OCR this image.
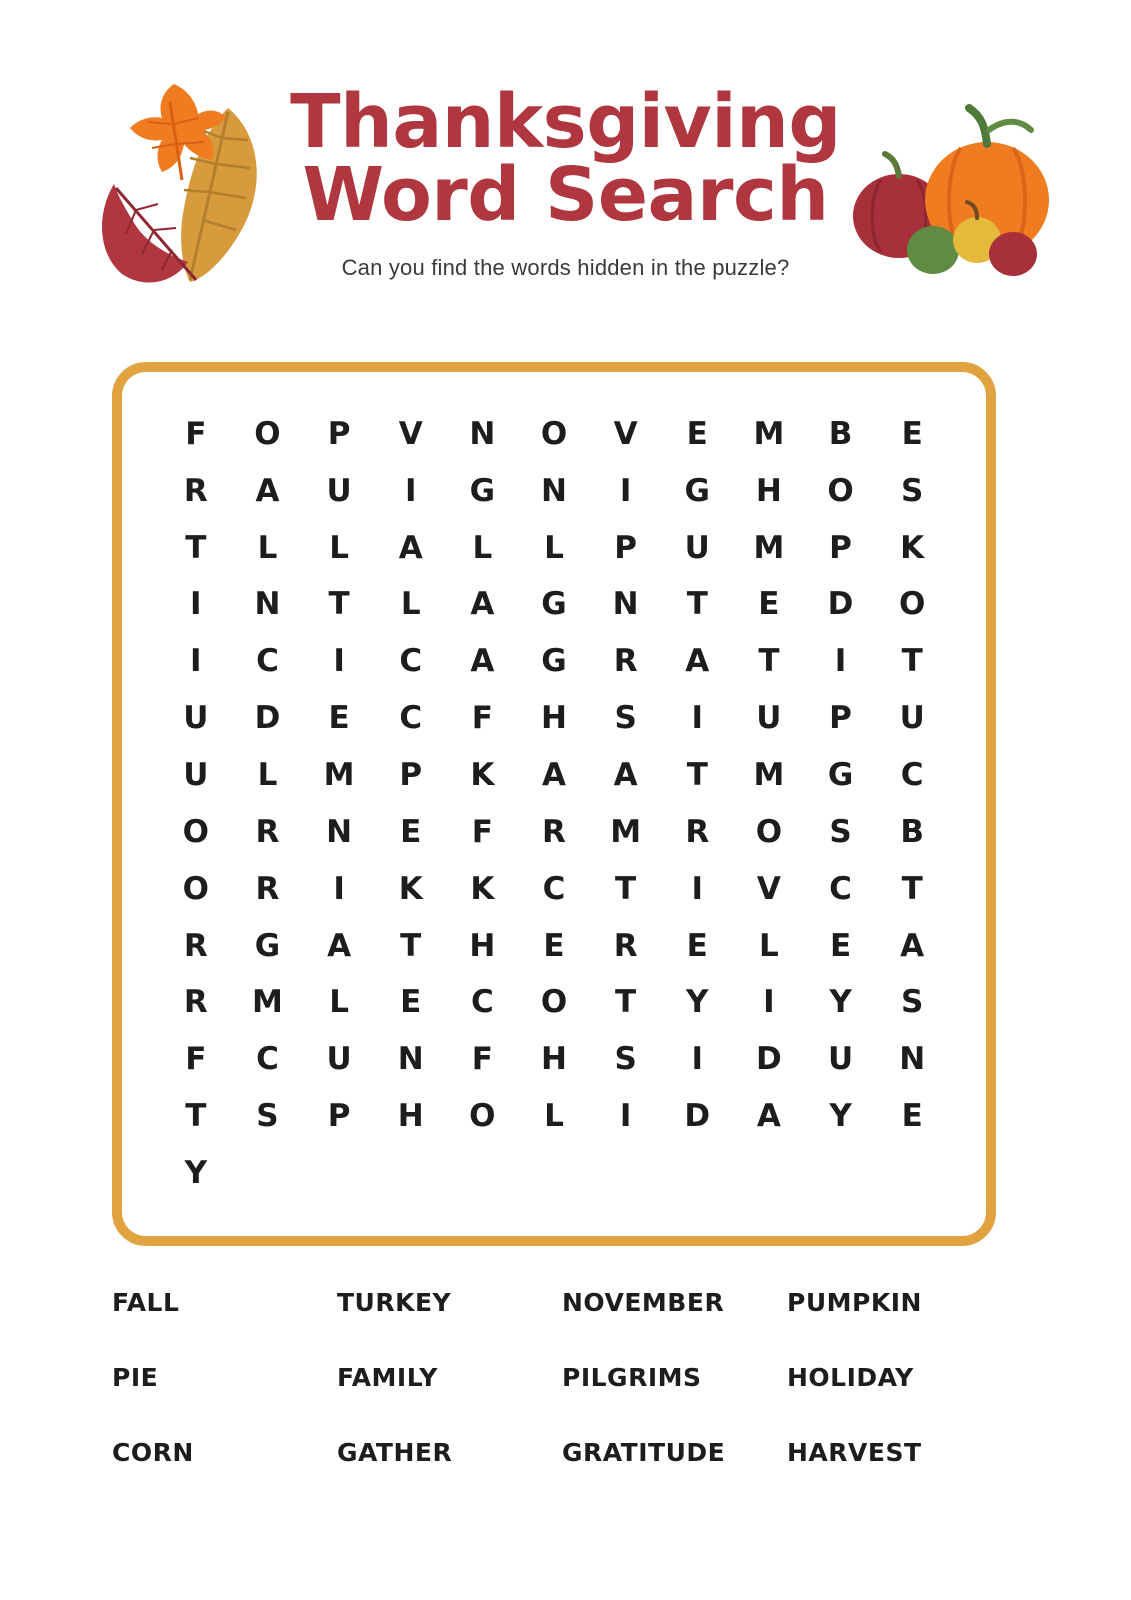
Thanksgiving
Word Search
Can you find the words hidden in the puzzle?
F O P V N O V E M B E
R A U I G N I G H O S
T L L A L L P U M P K
I N T L A G N T E D O
I C I C A G R A T I T
U D E C F H S I U P U
U L M P K A A T M G C
O R N E F R M R O S B
O R I K K C T I V C T
R G A T H E R E L E A
R M L E C O T Y I Y S
F C U N F H S I D U N
T S P H O L I D A Y E
Y
FALL	TURKEY	NOVEMBER	PUMPKIN
PIE	FAMILY	PILGRIMS	HOLIDAY
CORN	GATHER	GRATITUDE	HARVEST
